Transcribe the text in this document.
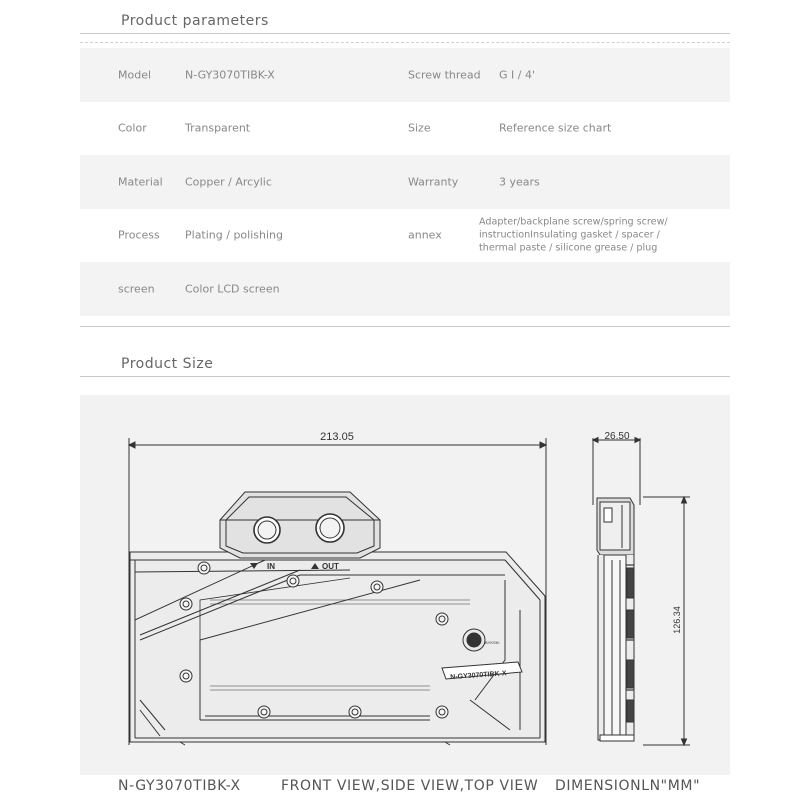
Product parameters
Model	N-GY3070TIBK-X	Screw thread G I / 4'
Color	Transparent	Size	Reference size chart
Material Copper / Arcylic	Warranty	3 years
Process Plating / polishing	annex
Adapter/backplane screw/spring screw/ instructionInsulating gasket / spacer / thermal paste / silicone grease / plug
screen	Color LCD screen
Product Size
213.05
IN	OUT
BYKSKI
N-GY3070TIBK-X
26.50
126.34
N-GY3070TIBK-X	FRONT VIEW,SIDE VIEW,TOP VIEW DIMENSIONLN"MM"
